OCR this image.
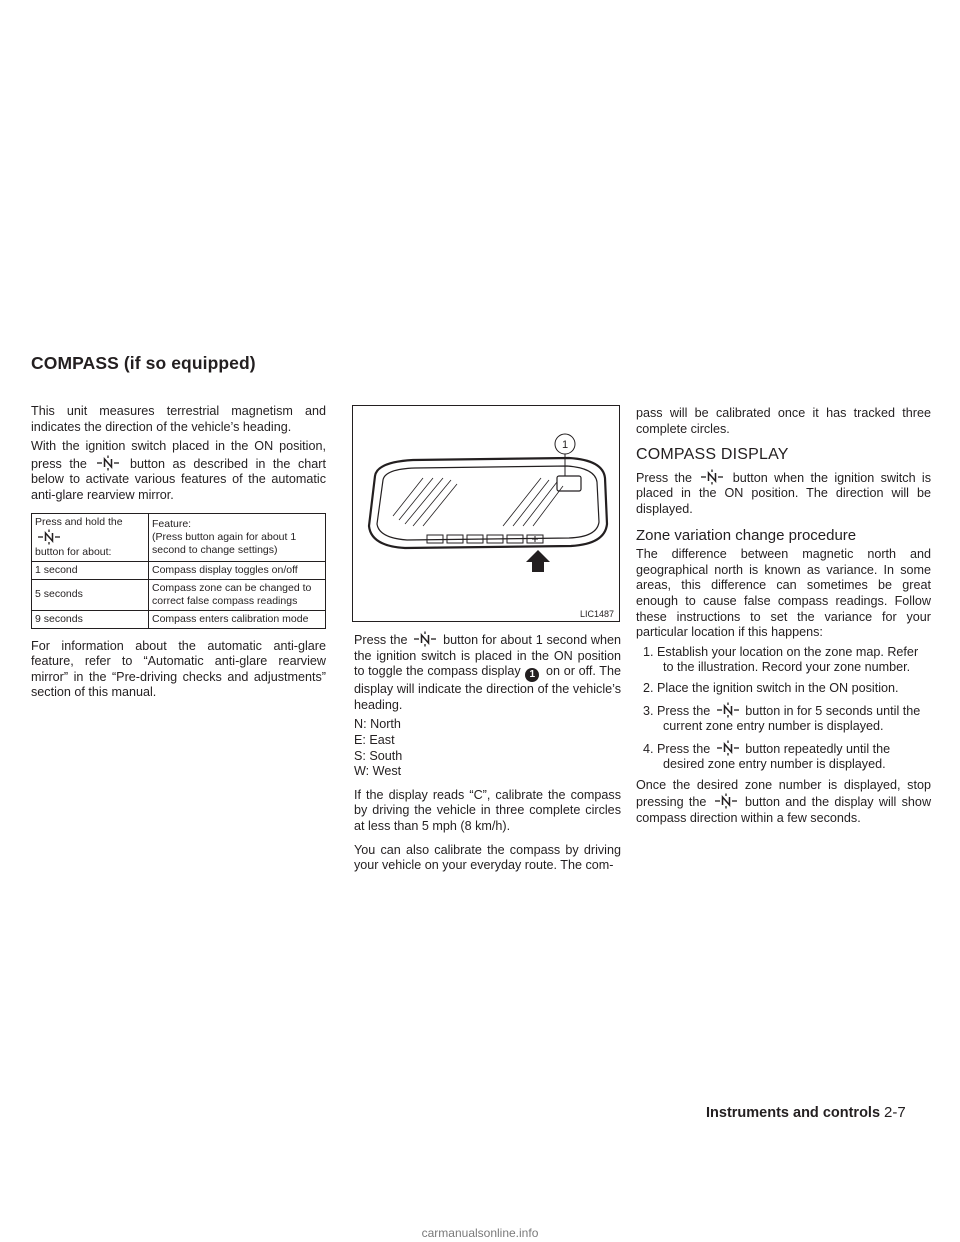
COMPASS (if so equipped)

This unit measures terrestrial magnetism and indicates the direction of the vehicle’s heading.

With the ignition switch placed in the ON position, press the	button as described in the chart below to activate various features of the automatic anti-glare rearview mirror.

Press and hold the

button for about:	Feature:
(Press button again for about 1 second to change settings)
1 second	Compass display toggles on/off
5 seconds	Compass zone can be changed to correct false compass readings
9 seconds	Compass enters calibration mode

For information about the automatic anti-glare feature, refer to “Automatic anti-glare rearview mirror” in the “Pre-driving checks and adjustments” section of this manual.

1
LIC1487

Press the	button for about 1 second when the ignition switch is placed in the ON position to toggle the compass display 1 on or off. The display will indicate the direction of the vehicle’s heading.

N: North
E: East
S: South
W: West

If the display reads “C”, calibrate the compass by driving the vehicle in three complete circles at less than 5 mph (8 km/h).

You can also calibrate the compass by driving your vehicle on your everyday route. The com-

pass will be calibrated once it has tracked three complete circles.

COMPASS DISPLAY

Press the	button when the ignition switch is placed in the ON position. The direction will be displayed.

Zone variation change procedure

The difference between magnetic north and geographical north is known as variance. In some areas, this difference can sometimes be great enough to cause false compass readings. Follow these instructions to set the variance for your particular location if this happens:

1. Establish your location on the zone map. Refer to the illustration. Record your zone number.
2. Place the ignition switch in the ON position.
3. Press the	button in for 5 seconds until the current zone entry number is displayed.
4. Press the	button repeatedly until the desired zone entry number is displayed.

Once the desired zone number is displayed, stop pressing the	button and the display will show compass direction within a few seconds.

Instruments and controls 2-7
carmanualsonline.info
